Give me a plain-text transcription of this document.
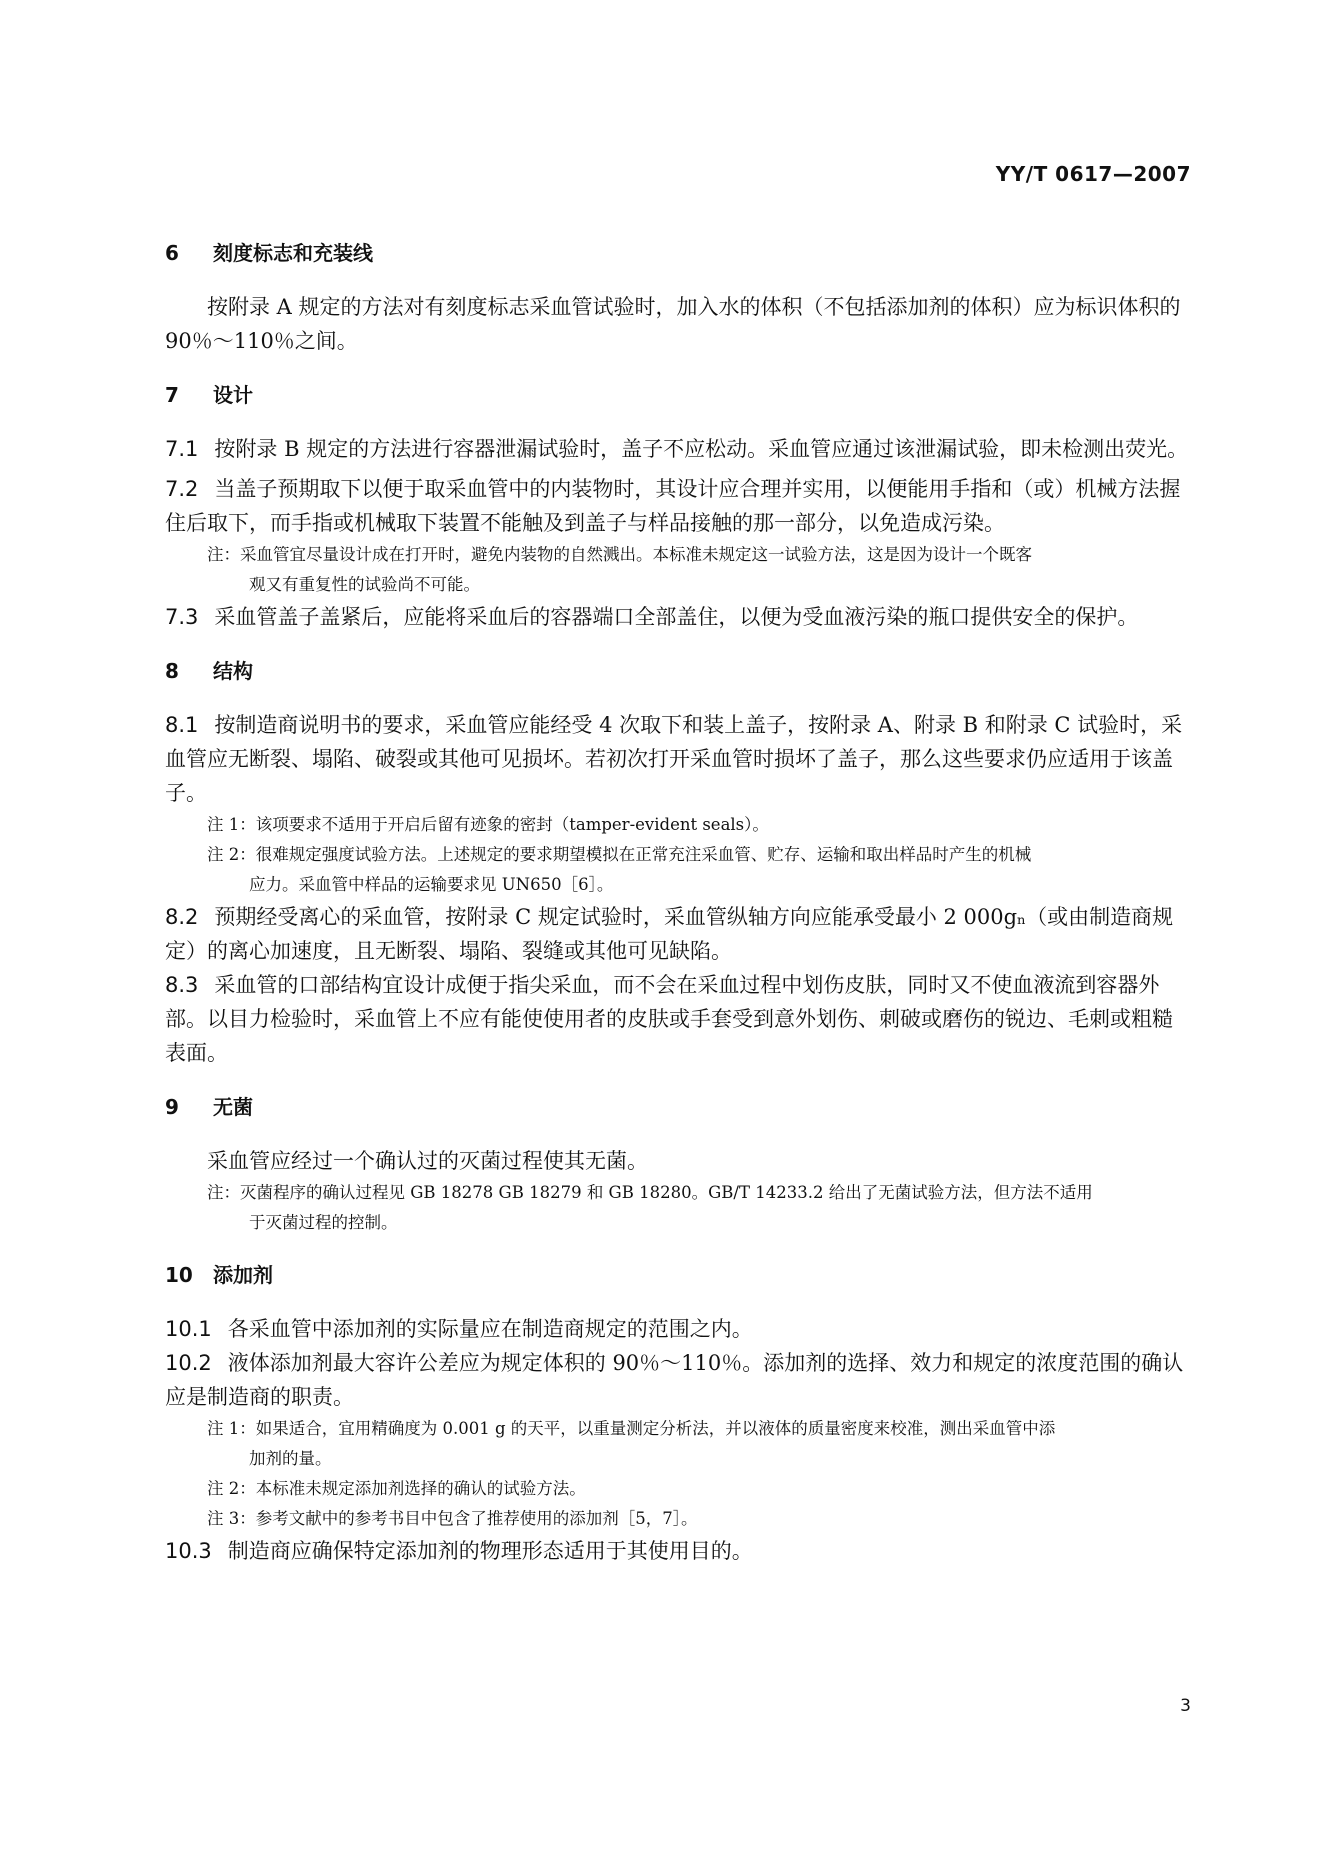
YY/T 0617—2007

6 刻度标志和充装线

按附录 A 规定的方法对有刻度标志采血管试验时，加入水的体积（不包括添加剂的体积）应为标识体积的 90％～110％之间。

7 设计

7.1 按附录 B 规定的方法进行容器泄漏试验时，盖子不应松动。采血管应通过该泄漏试验，即未检测出荧光。

7.2 当盖子预期取下以便于取采血管中的内装物时，其设计应合理并实用，以便能用手指和（或）机械方法握住后取下，而手指或机械取下装置不能触及到盖子与样品接触的那一部分，以免造成污染。

注：采血管宜尽量设计成在打开时，避免内装物的自然溅出。本标准未规定这一试验方法，这是因为设计一个既客
观又有重复性的试验尚不可能。

7.3 采血管盖子盖紧后，应能将采血后的容器端口全部盖住，以便为受血液污染的瓶口提供安全的保护。

8 结构

8.1 按制造商说明书的要求，采血管应能经受 4 次取下和装上盖子，按附录 A、附录 B 和附录 C 试验时，采血管应无断裂、塌陷、破裂或其他可见损坏。若初次打开采血管时损坏了盖子，那么这些要求仍应适用于该盖子。

注 1：该项要求不适用于开启后留有迹象的密封（tamper-evident seals）。

注 2：很难规定强度试验方法。上述规定的要求期望模拟在正常充注采血管、贮存、运输和取出样品时产生的机械
应力。采血管中样品的运输要求见 UN650［6］。

8.2 预期经受离心的采血管，按附录 C 规定试验时，采血管纵轴方向应能承受最小 2 000gₙ（或由制造商规定）的离心加速度，且无断裂、塌陷、裂缝或其他可见缺陷。

8.3 采血管的口部结构宜设计成便于指尖采血，而不会在采血过程中划伤皮肤，同时又不使血液流到容器外部。以目力检验时，采血管上不应有能使使用者的皮肤或手套受到意外划伤、刺破或磨伤的锐边、毛刺或粗糙表面。

9 无菌

采血管应经过一个确认过的灭菌过程使其无菌。

注：灭菌程序的确认过程见 GB 18278 GB 18279 和 GB 18280。GB/T 14233.2 给出了无菌试验方法，但方法不适用
于灭菌过程的控制。

10 添加剂

10.1 各采血管中添加剂的实际量应在制造商规定的范围之内。

10.2 液体添加剂最大容许公差应为规定体积的 90％～110％。添加剂的选择、效力和规定的浓度范围的确认应是制造商的职责。

注 1：如果适合，宜用精确度为 0.001 g 的天平，以重量测定分析法，并以液体的质量密度来校准，测出采血管中添
加剂的量。

注 2：本标准未规定添加剂选择的确认的试验方法。

注 3：参考文献中的参考书目中包含了推荐使用的添加剂［5，7］。

10.3 制造商应确保特定添加剂的物理形态适用于其使用目的。

3
